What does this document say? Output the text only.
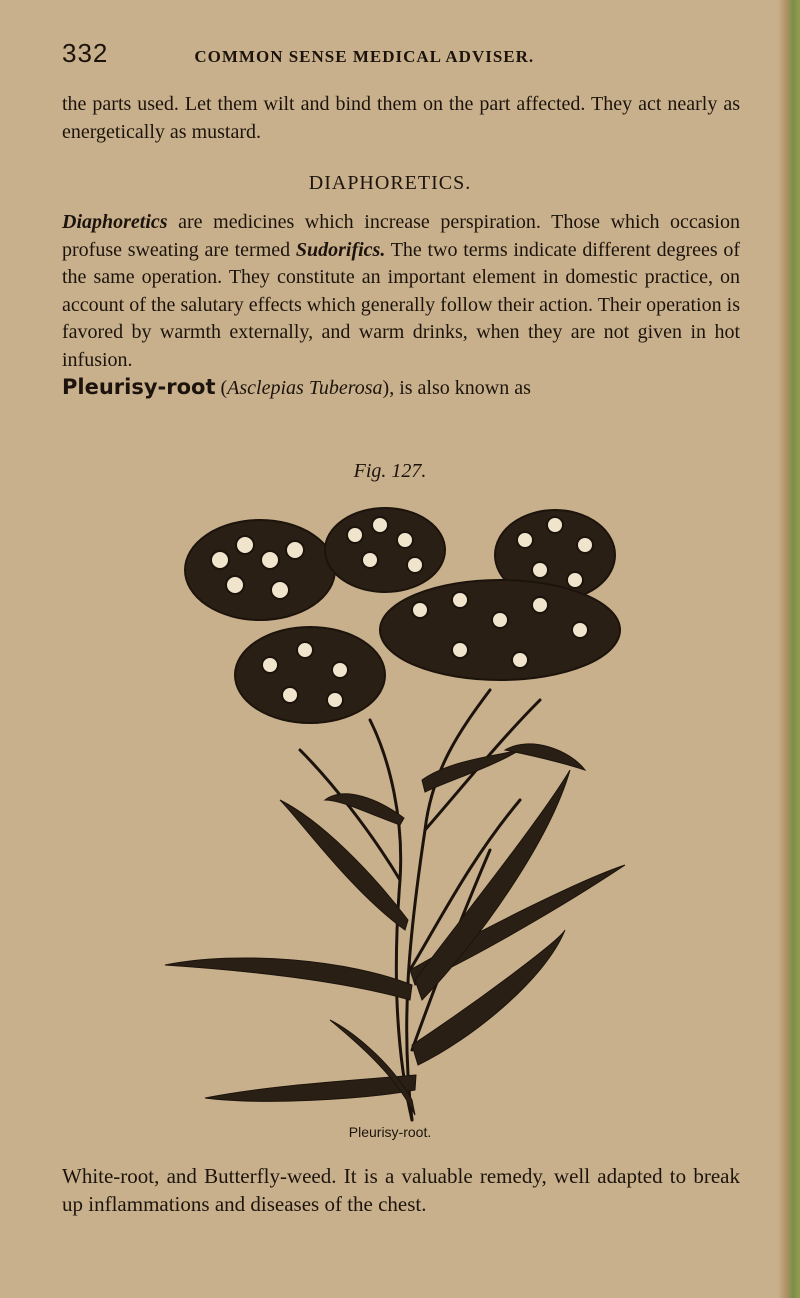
332	COMMON SENSE MEDICAL ADVISER.
the parts used. Let them wilt and bind them on the part affected. They act nearly as energetically as mustard.
DIAPHORETICS.
Diaphoretics are medicines which increase perspiration. Those which occasion profuse sweating are termed Sudorifics. The two terms indicate different degrees of the same operation. They constitute an important element in domestic practice, on account of the salutary effects which generally follow their action. Their operation is favored by warmth externally, and warm drinks, when they are not given in hot infusion.
Pleurisy-root (Asclepias Tuberosa), is also known as
Fig. 127.
Pleurisy-root.
White-root, and Butterfly-weed. It is a valuable remedy, well adapted to break up inflammations and diseases of the chest.
